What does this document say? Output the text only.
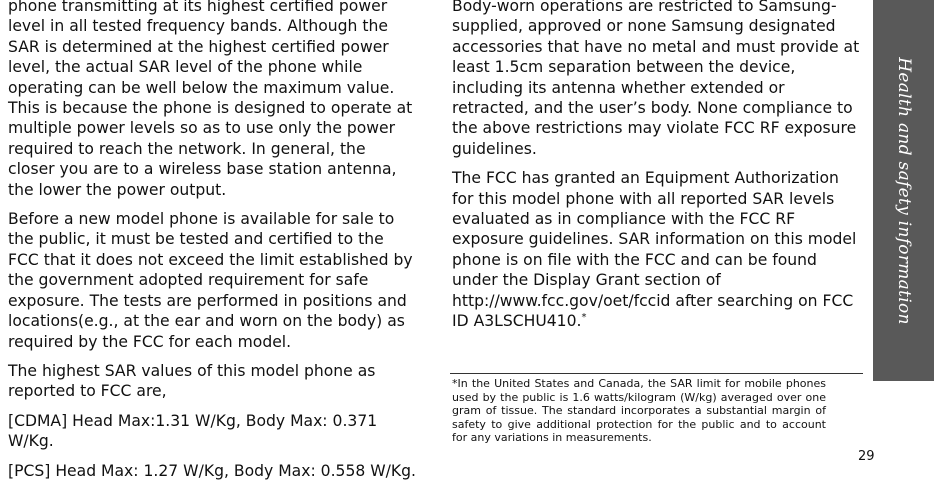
phone transmitting at its highest certified power level in all tested frequency bands. Although the SAR is determined at the highest certified power level, the actual SAR level of the phone while operating can be well below the maximum value. This is because the phone is designed to operate at multiple power levels so as to use only the power required to reach the network. In general, the closer you are to a wireless base station antenna, the lower the power output.

Before a new model phone is available for sale to the public, it must be tested and certified to the FCC that it does not exceed the limit established by the government adopted requirement for safe exposure. The tests are performed in positions and locations(e.g., at the ear and worn on the body) as required by the FCC for each model.

The highest SAR values of this model phone as reported to FCC are,

[CDMA] Head Max:1.31 W/Kg, Body Max: 0.371 W/Kg.

[PCS] Head Max: 1.27 W/Kg, Body Max: 0.558 W/Kg.

Body-worn operations are restricted to Samsung-supplied, approved or none Samsung designated accessories that have no metal and must provide at least 1.5cm separation between the device, including its antenna whether extended or retracted, and the user’s body. None compliance to the above restrictions may violate FCC RF exposure guidelines.

The FCC has granted an Equipment Authorization for this model phone with all reported SAR levels evaluated as in compliance with the FCC RF exposure guidelines. SAR information on this model phone is on file with the FCC and can be found under the Display Grant section of http://www.fcc.gov/oet/fccid after searching on FCC ID A3LSCHU410.*

*In the United States and Canada, the SAR limit for mobile phones used by the public is 1.6 watts/kilogram (W/kg) averaged over one gram of tissue. The standard incorporates a substantial margin of safety to give additional protection for the public and to account for any variations in measurements.

Health and safety information
29
